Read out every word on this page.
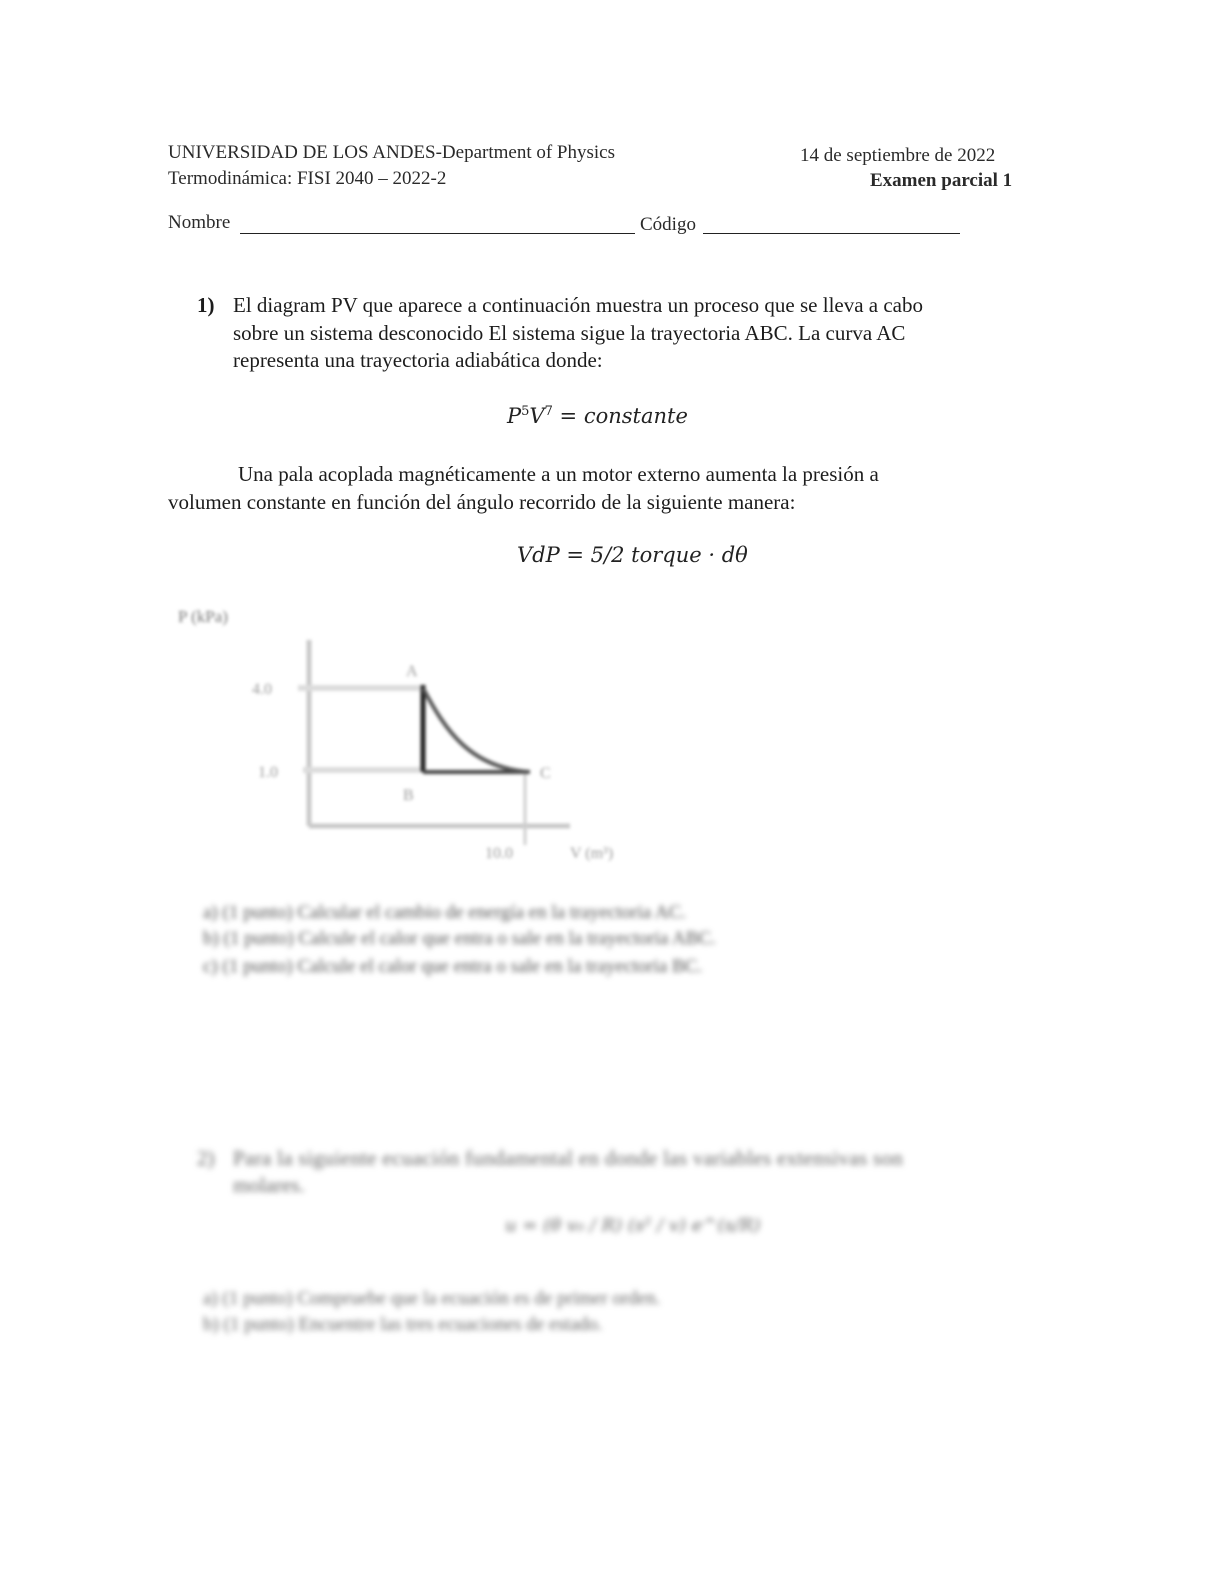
UNIVERSIDAD DE LOS ANDES-Department of Physics
Termodinámica: FISI 2040 – 2022-2
14 de septiembre de 2022
Examen parcial 1
Nombre	Código
1) El diagram PV que aparece a continuación muestra un proceso que se lleva a cabo
sobre un sistema desconocido El sistema sigue la trayectoria ABC. La curva AC
representa una trayectoria adiabática donde:
$P^5V^7$ = constante
Una pala acoplada magnéticamente a un motor externo aumenta la presión a
volumen constante en función del ángulo recorrido de la siguiente manera:
VdP = 5/2 torque · dθ
P (kPa)
4.0
1.0
10.0	V (m³)
A
B
C
a) (1 punto) Calcular el cambio de energía en la trayectoria AC.
b) (1 punto) Calcule el calor que entra o sale en la trayectoria ABC.
c) (1 punto) Calcule el calor que entra o sale en la trayectoria BC.
2) Para la siguiente ecuación fundamental en donde las variables extensivas son
molares.
u = (θ v₀ / R) (s² / v) e^(s/R)
a) (1 punto) Compruebe que la ecuación es de primer orden.
b) (1 punto) Encuentre las tres ecuaciones de estado.
